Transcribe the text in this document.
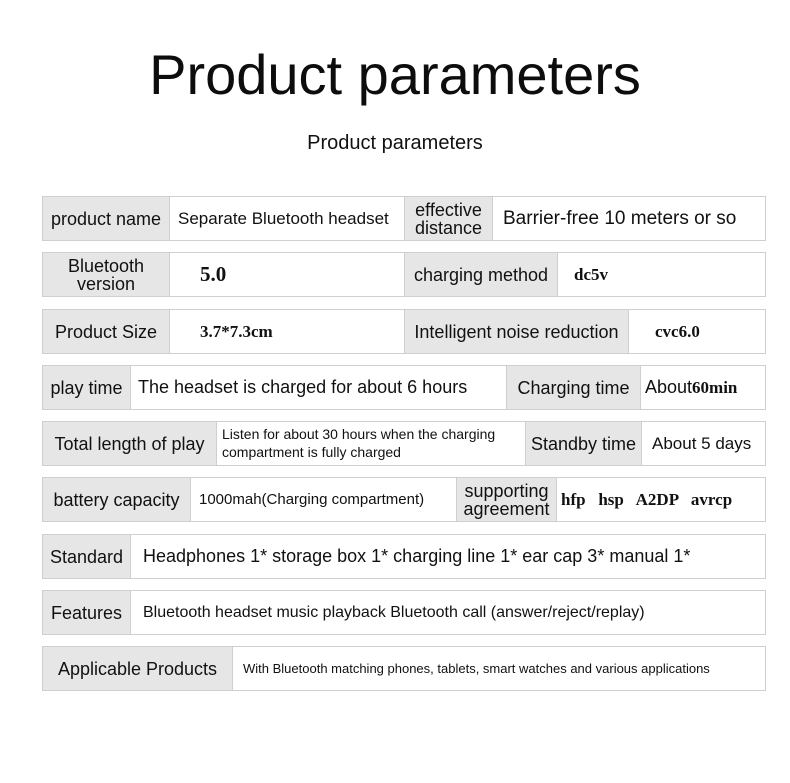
Product parameters
Product parameters
product name Separate Bluetooth headset	effective distance	Barrier-free 10 meters or so
Bluetooth version	5.0	charging method	dc5v
Product Size	3.7*7.3cm	Intelligent noise reduction	cvc6.0
play time The headset is charged for about 6 hours	Charging time About 60min
Total length of play	Listen for about 30 hours when the charging compartment is fully charged	Standby time About 5 days
battery capacity	1000mah(Charging compartment)	supporting agreement hfp   hsp   A2DP   avrcp
Standard	Headphones 1* storage box 1* charging line 1* ear cap 3* manual 1*
Features	Bluetooth headset music playback Bluetooth call (answer/reject/replay)
Applicable Products	With Bluetooth matching phones, tablets, smart watches and various applications
